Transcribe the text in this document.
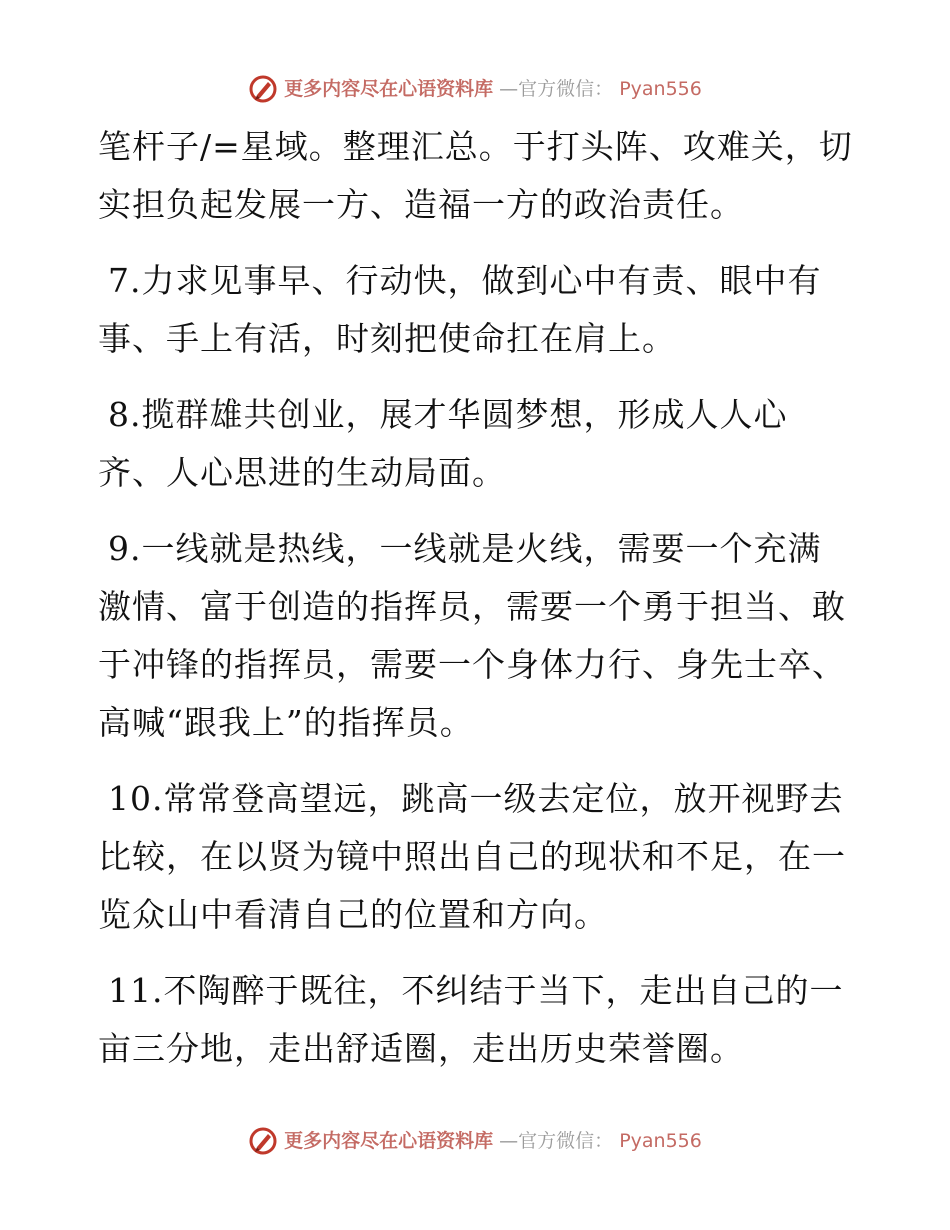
更多内容尽在心语资料库 —官方微信： Pyan556
笔杆子/=星域。整理汇总。于打头阵、攻难关，切
实担负起发展一方、造福一方的政治责任。
7.力求见事早、行动快，做到心中有责、眼中有
事、手上有活，时刻把使命扛在肩上。
8.揽群雄共创业，展才华圆梦想，形成人人心
齐、人心思进的生动局面。
9.一线就是热线，一线就是火线，需要一个充满
激情、富于创造的指挥员，需要一个勇于担当、敢
于冲锋的指挥员，需要一个身体力行、身先士卒、
高喊“跟我上”的指挥员。
10.常常登高望远，跳高一级去定位，放开视野去
比较，在以贤为镜中照出自己的现状和不足，在一
览众山中看清自己的位置和方向。
11.不陶醉于既往，不纠结于当下，走出自己的一
亩三分地，走出舒适圈，走出历史荣誉圈。
更多内容尽在心语资料库 —官方微信： Pyan556
